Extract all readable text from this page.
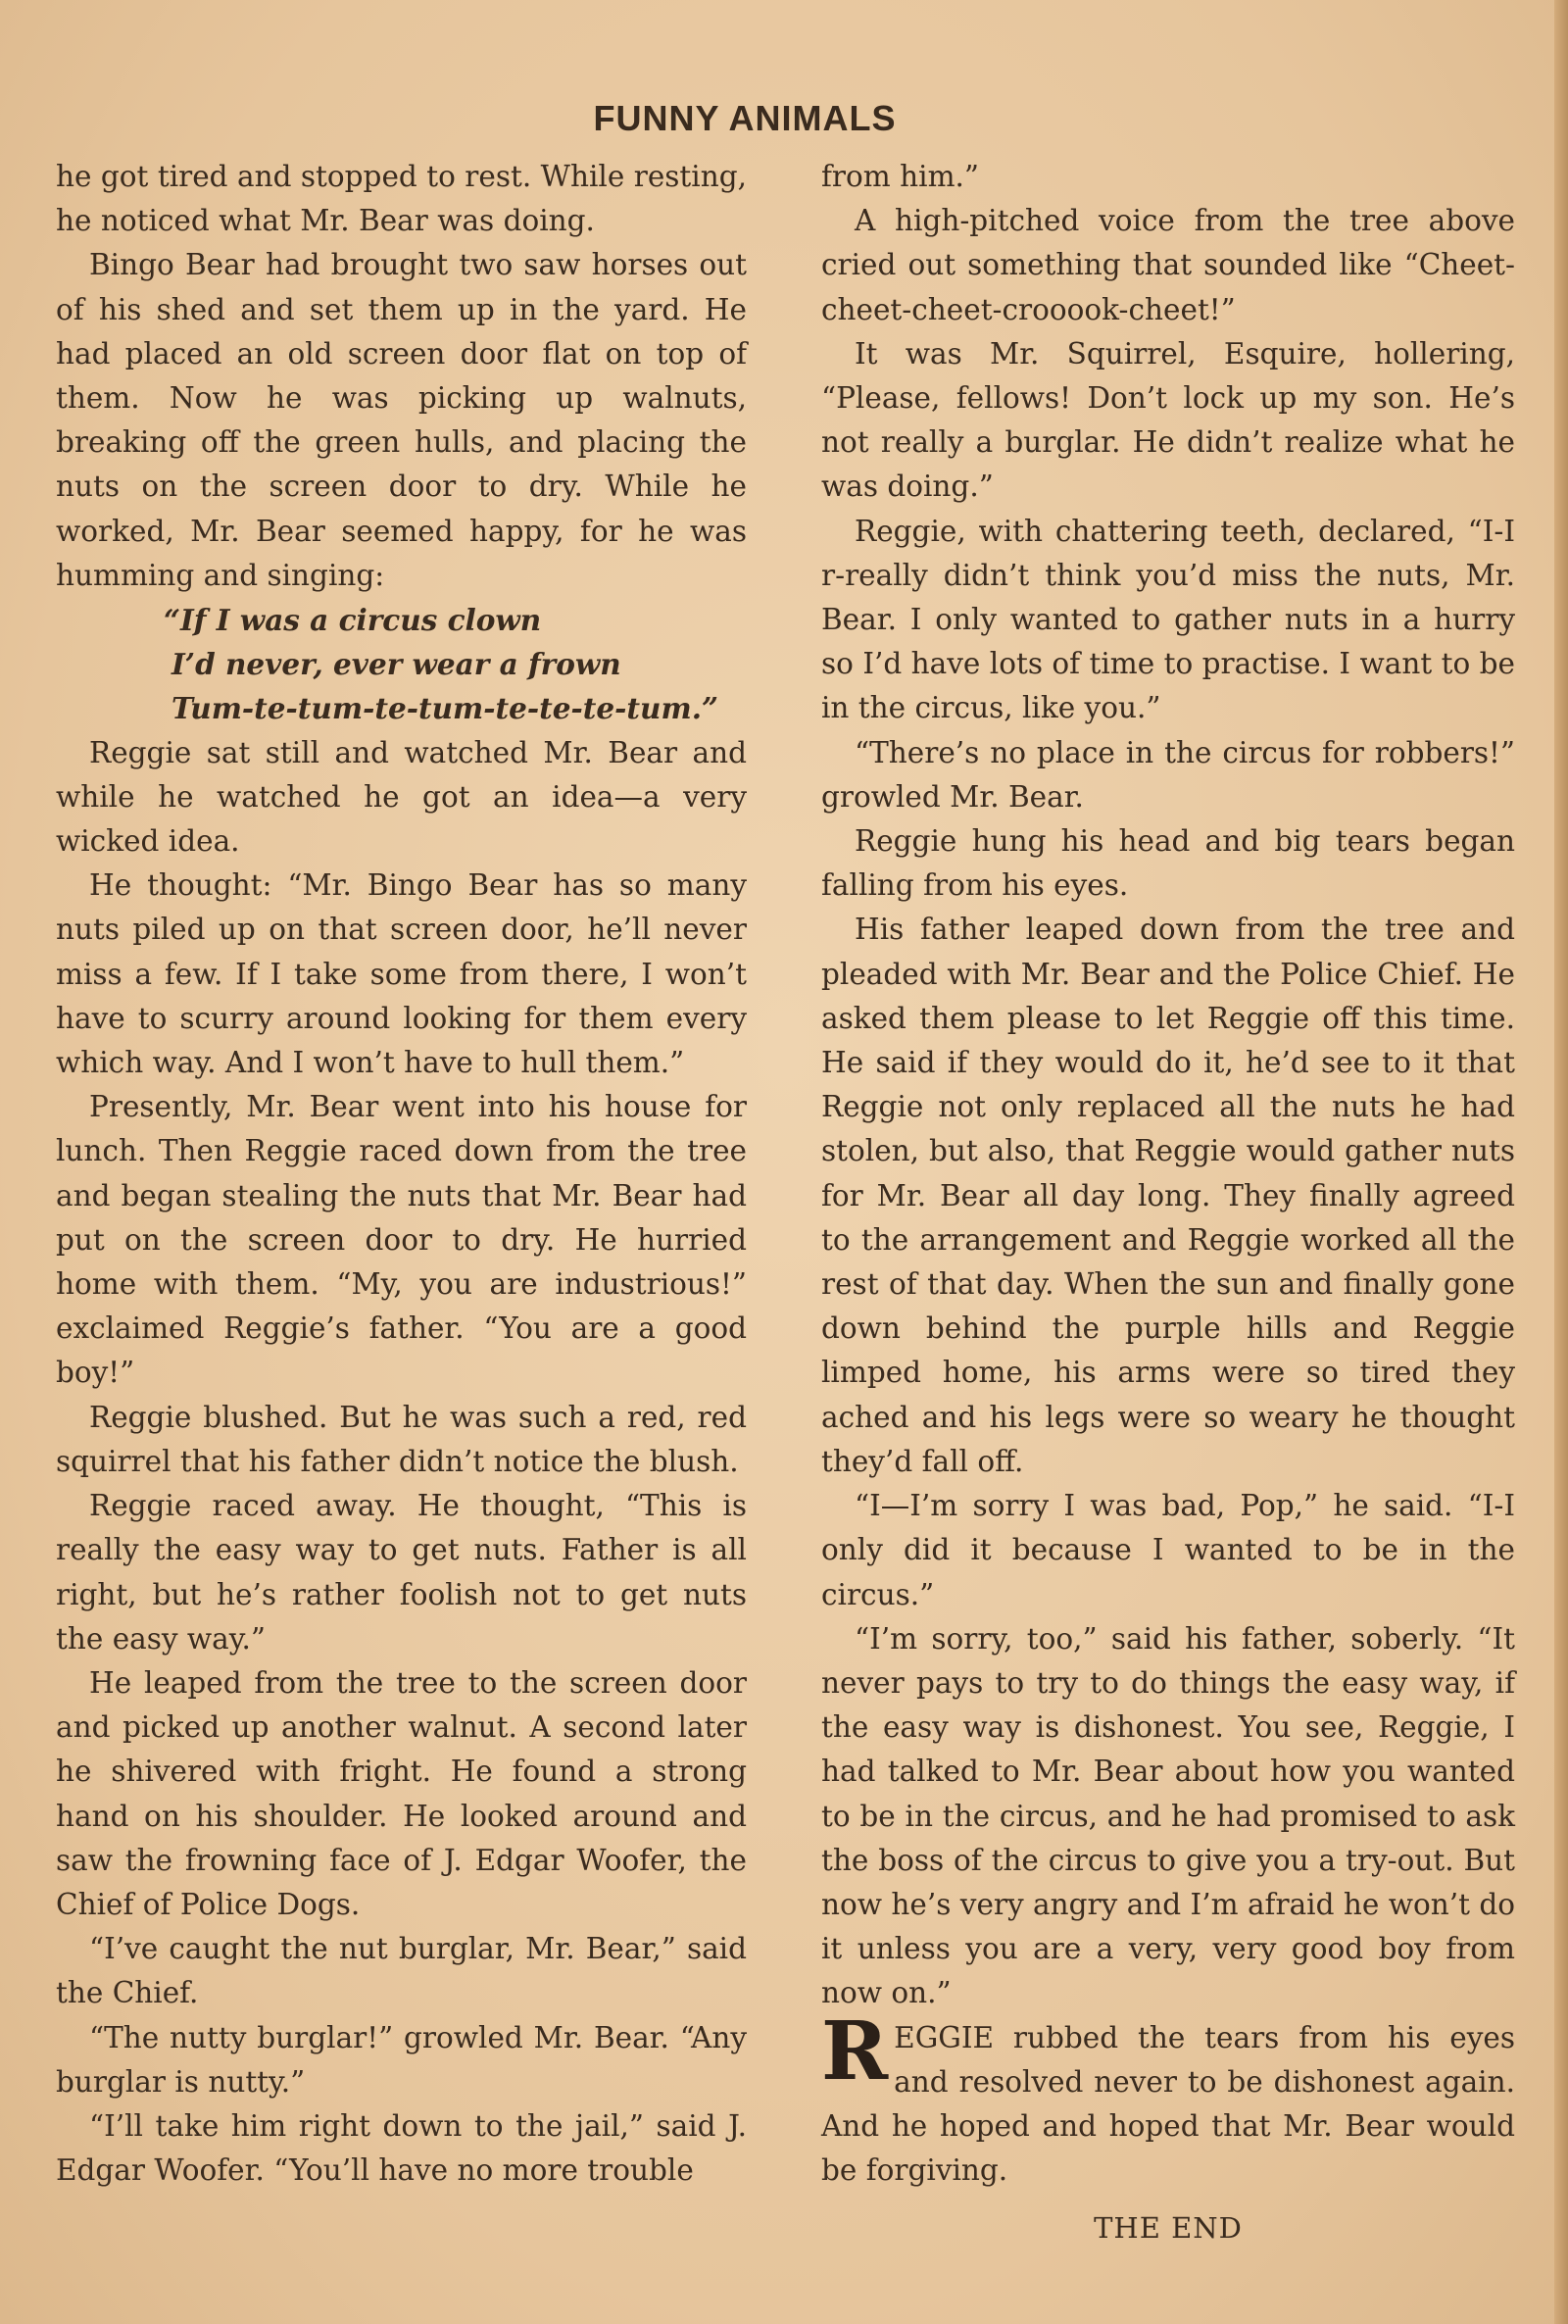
FUNNY ANIMALS

he got tired and stopped to rest. While resting, he noticed what Mr. Bear was doing.

Bingo Bear had brought two saw horses out of his shed and set them up in the yard. He had placed an old screen door flat on top of them. Now he was picking up walnuts, breaking off the green hulls, and placing the nuts on the screen door to dry. While he worked, Mr. Bear seemed happy, for he was humming and singing:

“If I was a circus clown
I’d never, ever wear a frown
Tum-te-tum-te-tum-te-te-te-tum.”

Reggie sat still and watched Mr. Bear and while he watched he got an idea—a very wicked idea.

He thought: “Mr. Bingo Bear has so many nuts piled up on that screen door, he’ll never miss a few. If I take some from there, I won’t have to scurry around looking for them every which way. And I won’t have to hull them.”

Presently, Mr. Bear went into his house for lunch. Then Reggie raced down from the tree and began stealing the nuts that Mr. Bear had put on the screen door to dry. He hurried home with them. “My, you are industrious!” exclaimed Reggie’s father. “You are a good boy!”

Reggie blushed. But he was such a red, red squirrel that his father didn’t notice the blush.

Reggie raced away. He thought, “This is really the easy way to get nuts. Father is all right, but he’s rather foolish not to get nuts the easy way.”

He leaped from the tree to the screen door and picked up another walnut. A second later he shivered with fright. He found a strong hand on his shoulder. He looked around and saw the frowning face of J. Edgar Woofer, the Chief of Police Dogs.

“I’ve caught the nut burglar, Mr. Bear,” said the Chief.

“The nutty burglar!” growled Mr. Bear. “Any burglar is nutty.”

“I’ll take him right down to the jail,” said J. Edgar Woofer. “You’ll have no more trouble

from him.”

A high-pitched voice from the tree above cried out something that sounded like “Cheet-cheet-cheet-crooook-cheet!”

It was Mr. Squirrel, Esquire, hollering, “Please, fellows! Don’t lock up my son. He’s not really a burglar. He didn’t realize what he was doing.”

Reggie, with chattering teeth, declared, “I-I r-really didn’t think you’d miss the nuts, Mr. Bear. I only wanted to gather nuts in a hurry so I’d have lots of time to practise. I want to be in the circus, like you.”

“There’s no place in the circus for robbers!” growled Mr. Bear.

Reggie hung his head and big tears began falling from his eyes.

His father leaped down from the tree and pleaded with Mr. Bear and the Police Chief. He asked them please to let Reggie off this time. He said if they would do it, he’d see to it that Reggie not only replaced all the nuts he had stolen, but also, that Reggie would gather nuts for Mr. Bear all day long. They finally agreed to the arrangement and Reggie worked all the rest of that day. When the sun and finally gone down behind the purple hills and Reggie limped home, his arms were so tired they ached and his legs were so weary he thought they’d fall off.

“I—I’m sorry I was bad, Pop,” he said. “I-I only did it because I wanted to be in the circus.”

“I’m sorry, too,” said his father, soberly. “It never pays to try to do things the easy way, if the easy way is dishonest. You see, Reggie, I had talked to Mr. Bear about how you wanted to be in the circus, and he had promised to ask the boss of the circus to give you a try-out. But now he’s very angry and I’m afraid he won’t do it unless you are a very, very good boy from now on.”

REGGIE rubbed the tears from his eyes and resolved never to be dishonest again. And he hoped and hoped that Mr. Bear would be forgiving.

THE END
